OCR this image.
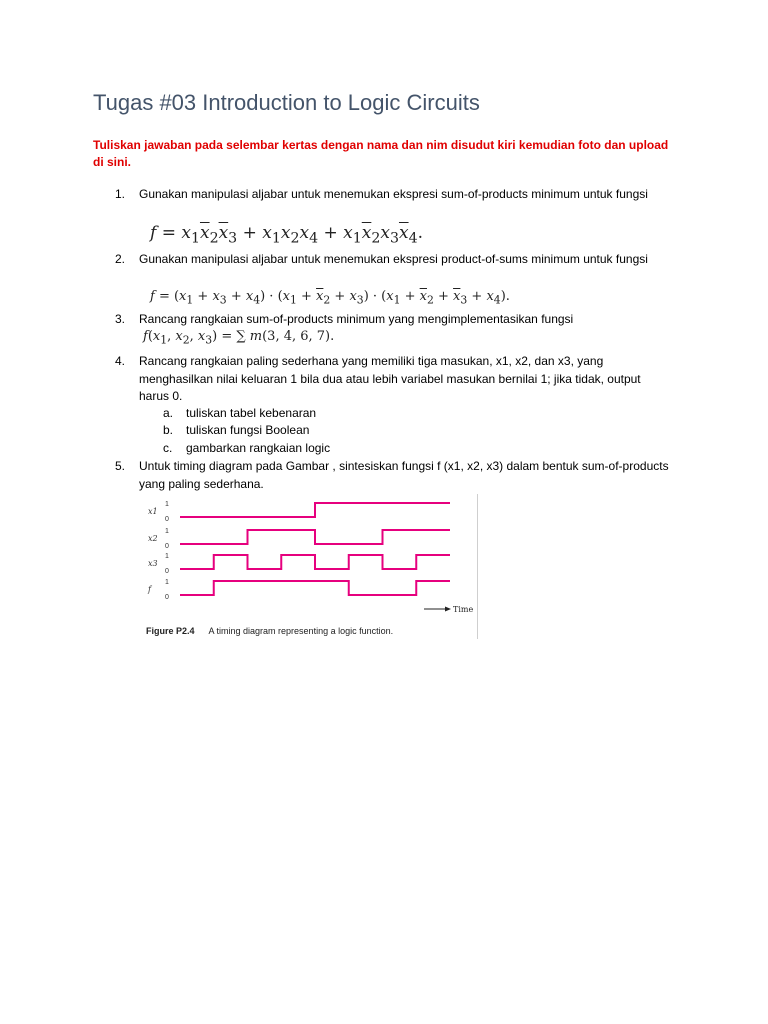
Tugas #03 Introduction to Logic Circuits
Tuliskan jawaban pada selembar kertas dengan nama dan nim disudut kiri kemudian foto dan upload di sini.
1. Gunakan manipulasi aljabar untuk menemukan ekspresi sum-of-products minimum untuk fungsi
$f = x_1\overline{x}_2\overline{x}_3 + x_1x_2x_4 + x_1\overline{x}_2x_3\overline{x}_4$.
2. Gunakan manipulasi aljabar untuk menemukan ekspresi product-of-sums minimum untuk fungsi
$f = (x_1 + x_3 + x_4) \cdot (x_1 + \overline{x}_2 + x_3) \cdot (x_1 + \overline{x}_2 + \overline{x}_3 + x_4)$.
3. Rancang rangkaian sum-of-products minimum yang mengimplementasikan fungsi
$f(x_1$, $x_2$, $x_3$) = ∑ m(3, 4, 6, 7).
4. Rancang rangkaian paling sederhana yang memiliki tiga masukan, x1, x2, dan x3, yang menghasilkan nilai keluaran 1 bila dua atau lebih variabel masukan bernilai 1; jika tidak, output harus 0.
a. tuliskan tabel kebenaran
b. tuliskan fungsi Boolean
c. gambarkan rangkaian logic
5. Untuk timing diagram pada Gambar , sintesiskan fungsi f (x1, x2, x3) dalam bentuk sum-of-products yang paling sederhana.
x1
1
0
x2
1
0
x3
1
0
f
1
0
Time
Figure P2.4 A timing diagram representing a logic function.
